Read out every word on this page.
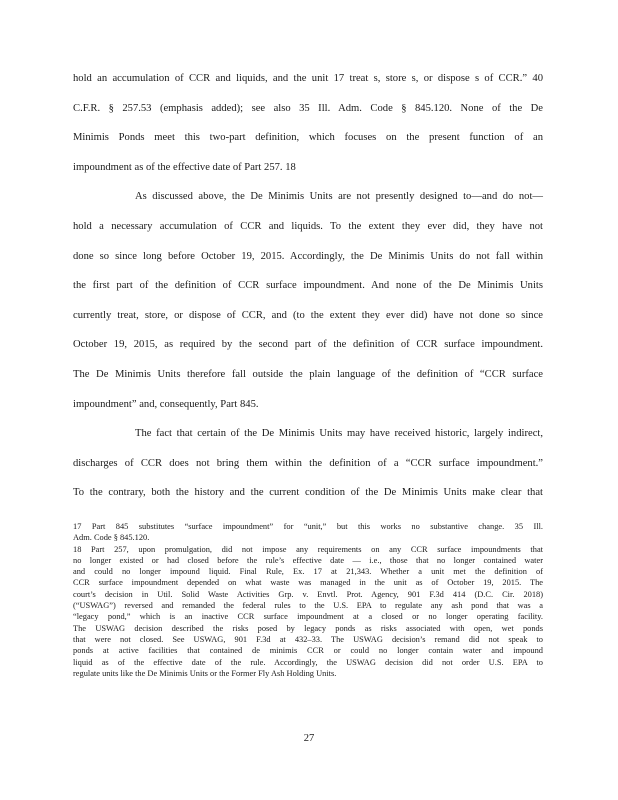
hold an accumulation of CCR and liquids, and the unit 17 treat s, store s, or dispose s of CCR.” 40
C.F.R. § 257.53 (emphasis added); see also 35 Ill. Adm. Code § 845.120. None of the De
Minimis Ponds meet this two-part definition, which focuses on the present function of an
impoundment as of the effective date of Part 257. 18
As discussed above, the De Minimis Units are not presently designed to—and do not—
hold a necessary accumulation of CCR and liquids. To the extent they ever did, they have not
done so since long before October 19, 2015. Accordingly, the De Minimis Units do not fall within
the first part of the definition of CCR surface impoundment. And none of the De Minimis Units
currently treat, store, or dispose of CCR, and (to the extent they ever did) have not done so since
October 19, 2015, as required by the second part of the definition of CCR surface impoundment.
The De Minimis Units therefore fall outside the plain language of the definition of “CCR surface
impoundment” and, consequently, Part 845.
The fact that certain of the De Minimis Units may have received historic, largely indirect,
discharges of CCR does not bring them within the definition of a “CCR surface impoundment.”
To the contrary, both the history and the current condition of the De Minimis Units make clear that
17 Part 845 substitutes “surface impoundment” for “unit,” but this works no substantive change. 35 Ill.
Adm. Code § 845.120.
18 Part 257, upon promulgation, did not impose any requirements on any CCR surface impoundments that
no longer existed or had closed before the rule’s effective date — i.e., those that no longer contained water
and could no longer impound liquid. Final Rule, Ex. 17 at 21,343. Whether a unit met the definition of
CCR surface impoundment depended on what waste was managed in the unit as of October 19, 2015. The
court’s decision in Util. Solid Waste Activities Grp. v. Envtl. Prot. Agency, 901 F.3d 414 (D.C. Cir. 2018)
(“USWAG”) reversed and remanded the federal rules to the U.S. EPA to regulate any ash pond that was a
“legacy pond,” which is an inactive CCR surface impoundment at a closed or no longer operating facility.
The USWAG decision described the risks posed by legacy ponds as risks associated with open, wet ponds
that were not closed. See USWAG, 901 F.3d at 432–33. The USWAG decision’s remand did not speak to
ponds at active facilities that contained de minimis CCR or could no longer contain water and impound
liquid as of the effective date of the rule. Accordingly, the USWAG decision did not order U.S. EPA to
regulate units like the De Minimis Units or the Former Fly Ash Holding Units.
27
